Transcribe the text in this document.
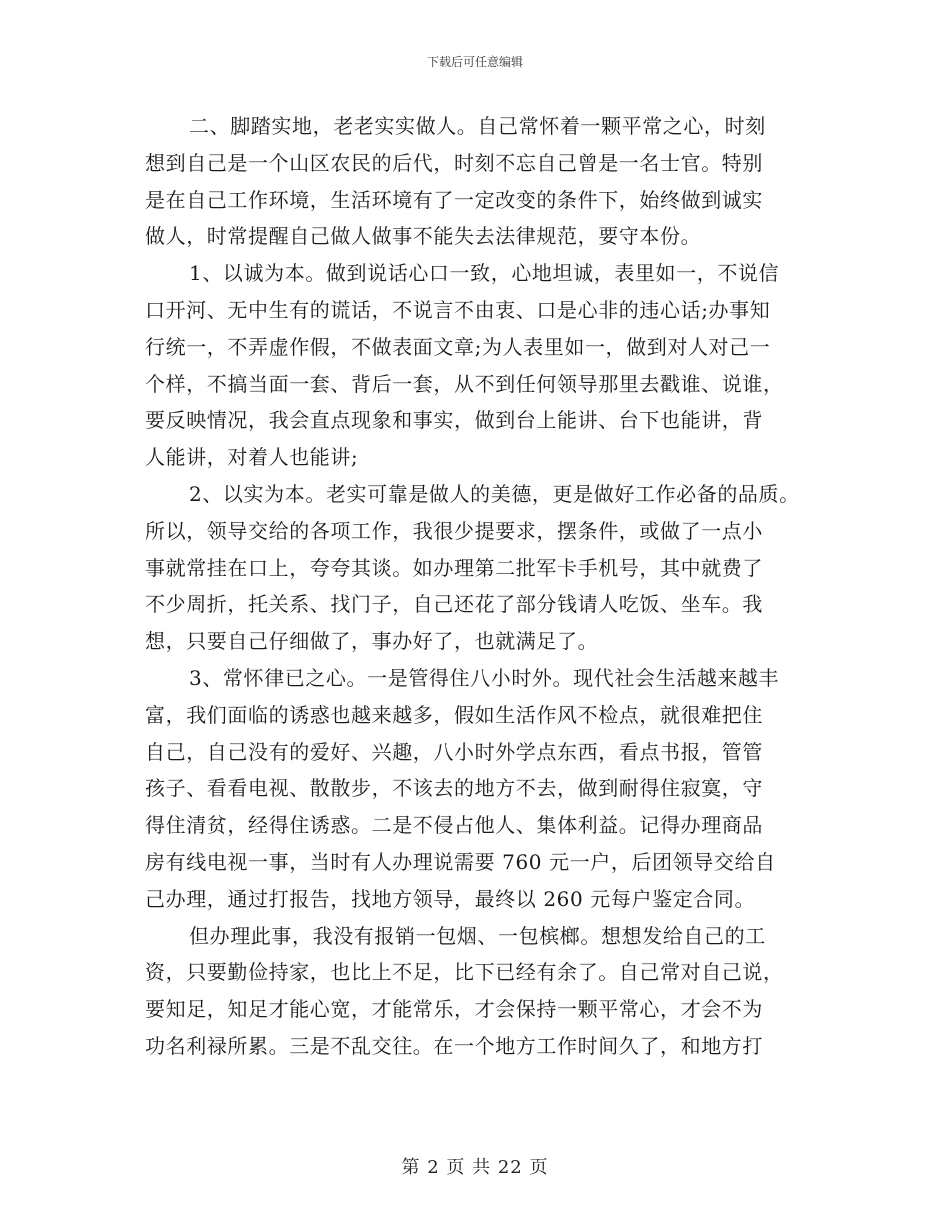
下载后可任意编辑
二、脚踏实地，老老实实做人。自己常怀着一颗平常之心，时刻
想到自己是一个山区农民的后代，时刻不忘自己曾是一名士官。特别
是在自己工作环境，生活环境有了一定改变的条件下，始终做到诚实
做人，时常提醒自己做人做事不能失去法律规范，要守本份。
1、以诚为本。做到说话心口一致，心地坦诚，表里如一，不说信
口开河、无中生有的谎话，不说言不由衷、口是心非的违心话;办事知
行统一，不弄虚作假，不做表面文章;为人表里如一，做到对人对己一
个样，不搞当面一套、背后一套，从不到任何领导那里去戳谁、说谁，
要反映情况，我会直点现象和事实，做到台上能讲、台下也能讲，背
人能讲，对着人也能讲;
2、以实为本。老实可靠是做人的美德，更是做好工作必备的品质。
所以，领导交给的各项工作，我很少提要求，摆条件，或做了一点小
事就常挂在口上，夸夸其谈。如办理第二批军卡手机号，其中就费了
不少周折，托关系、找门子，自己还花了部分钱请人吃饭、坐车。我
想，只要自己仔细做了，事办好了，也就满足了。
3、常怀律已之心。一是管得住八小时外。现代社会生活越来越丰
富，我们面临的诱惑也越来越多，假如生活作风不检点，就很难把住
自己，自己没有的爱好、兴趣，八小时外学点东西，看点书报，管管
孩子、看看电视、散散步，不该去的地方不去，做到耐得住寂寞，守
得住清贫，经得住诱惑。二是不侵占他人、集体利益。记得办理商品
房有线电视一事，当时有人办理说需要 760 元一户，后团领导交给自
己办理，通过打报告，找地方领导，最终以 260 元每户鉴定合同。
但办理此事，我没有报销一包烟、一包槟榔。想想发给自己的工
资，只要勤俭持家，也比上不足，比下已经有余了。自己常对自己说，
要知足，知足才能心宽，才能常乐，才会保持一颗平常心，才会不为
功名利禄所累。三是不乱交往。在一个地方工作时间久了，和地方打
第 2 页 共 22 页
